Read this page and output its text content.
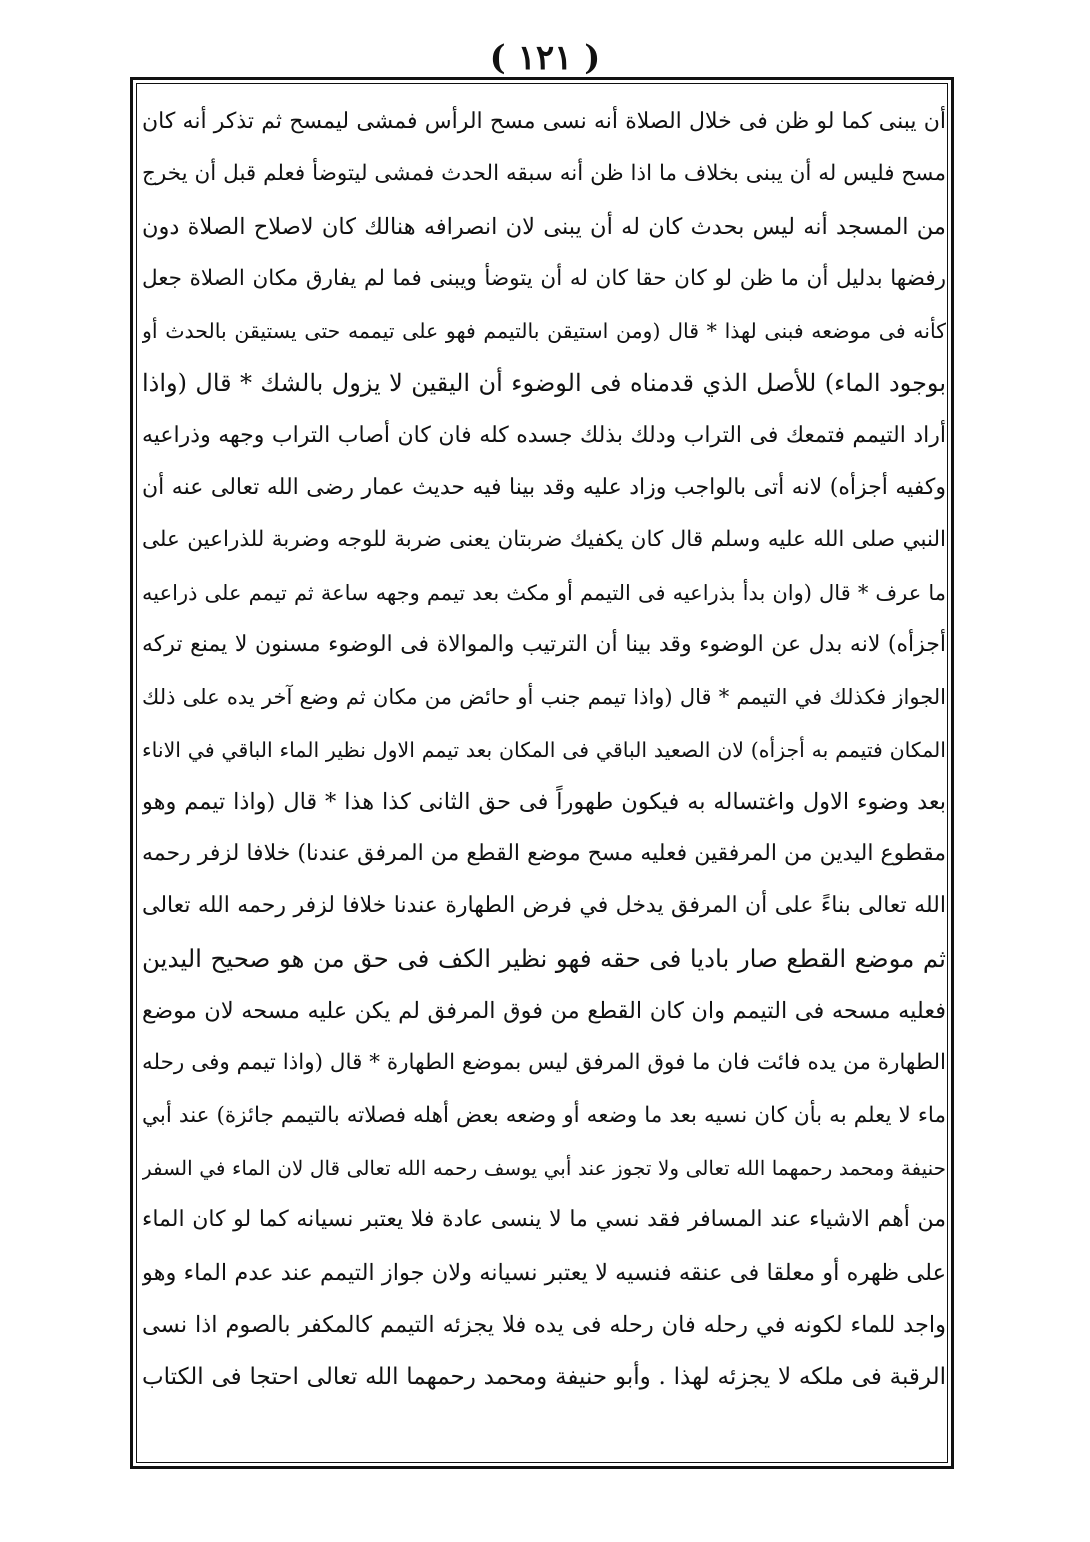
( ١٢١ )
أن يبنى كما لو ظن فى خلال الصلاة أنه نسى مسح الرأس فمشى ليمسح ثم تذكر أنه كان
مسح فليس له أن يبنى بخلاف ما اذا ظن أنه سبقه الحدث فمشى ليتوضأ فعلم قبل أن يخرج
من المسجد أنه ليس بحدث كان له أن يبنى لان انصرافه هنالك كان لاصلاح الصلاة دون
رفضها بدليل أن ما ظن لو كان حقا كان له أن يتوضأ ويبنى فما لم يفارق مكان الصلاة جعل
كأنه فى موضعه فبنى لهذا * قال (ومن استيقن بالتيمم فهو على تيممه حتى يستيقن بالحدث أو
بوجود الماء) للأصل الذي قدمناه فى الوضوء أن اليقين لا يزول بالشك * قال (واذا
أراد التيمم فتمعك فى التراب ودلك بذلك جسده كله فان كان أصاب التراب وجهه وذراعيه
وكفيه أجزأه) لانه أتى بالواجب وزاد عليه وقد بينا فيه حديث عمار رضى الله تعالى عنه أن
النبي صلى الله عليه وسلم قال كان يكفيك ضربتان يعنى ضربة للوجه وضربة للذراعين على
ما عرف * قال (وان بدأ بذراعيه فى التيمم أو مكث بعد تيمم وجهه ساعة ثم تيمم على ذراعيه
أجزأه) لانه بدل عن الوضوء وقد بينا أن الترتيب والموالاة فى الوضوء مسنون لا يمنع تركه
الجواز فكذلك في التيمم * قال (واذا تيمم جنب أو حائض من مكان ثم وضع آخر يده على ذلك
المكان فتيمم به أجزأه) لان الصعيد الباقي فى المكان بعد تيمم الاول نظير الماء الباقي في الاناء
بعد وضوء الاول واغتساله به فيكون طهوراً فى حق الثانى كذا هذا * قال (واذا تيمم وهو
مقطوع اليدين من المرفقين فعليه مسح موضع القطع من المرفق عندنا) خلافا لزفر رحمه
الله تعالى بناءً على أن المرفق يدخل في فرض الطهارة عندنا خلافا لزفر رحمه الله تعالى
ثم موضع القطع صار باديا فى حقه فهو نظير الكف فى حق من هو صحيح اليدين
فعليه مسحه فى التيمم وان كان القطع من فوق المرفق لم يكن عليه مسحه لان موضع
الطهارة من يده فائت فان ما فوق المرفق ليس بموضع الطهارة * قال (واذا تيمم وفى رحله
ماء لا يعلم به بأن كان نسيه بعد ما وضعه أو وضعه بعض أهله فصلاته بالتيمم جائزة) عند أبي
حنيفة ومحمد رحمهما الله تعالى ولا تجوز عند أبي يوسف رحمه الله تعالى قال لان الماء في السفر
من أهم الاشياء عند المسافر فقد نسي ما لا ينسى عادة فلا يعتبر نسيانه كما لو كان الماء
على ظهره أو معلقا فى عنقه فنسيه لا يعتبر نسيانه ولان جواز التيمم عند عدم الماء وهو
واجد للماء لكونه في رحله فان رحله فى يده فلا يجزئه التيمم كالمكفر بالصوم اذا نسى
الرقبة فى ملكه لا يجزئه لهذا . وأبو حنيفة ومحمد رحمهما الله تعالى احتجا فى الكتاب
